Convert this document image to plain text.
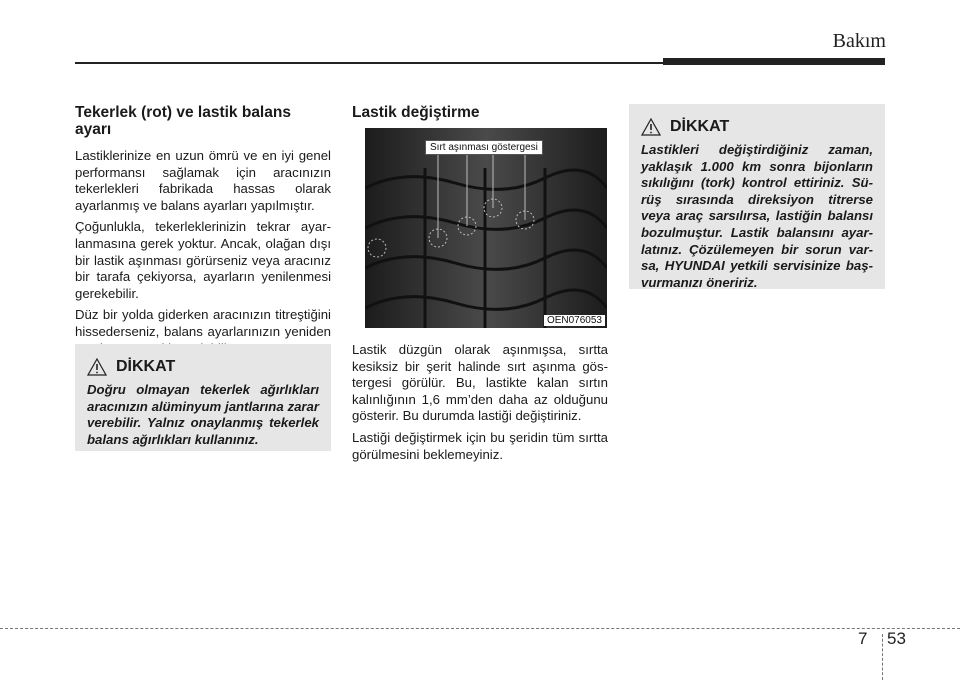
Bakım
Tekerlek (rot) ve lastik balans ayarı

Lastiklerinize en uzun ömrü ve en iyi genel performansı sağlamak için aracınızın tekerlekleri fabrikada hassas olarak ayarlanmış ve balans ayarları yapılmıştır.

Çoğunlukla, tekerleklerinizin tekrar ayarlanmasına gerek yoktur. Ancak, olağan dışı bir lastik aşınması görürseniz veya aracınız bir tarafa çekiyorsa, ayarların yenilenmesi gerekebilir.

Düz bir yolda giderken aracınızın titreştiğini hissederseniz, balans ayarlarınızın yeniden

DİKKAT

Doğru olmayan tekerlek ağırlıkları aracınızın alüminyum jantlarına zarar verebilir. Yalnız onaylanmış tekerlek balans ağırlıkları kullanınız.

Lastik değiştirme
Sırt aşınması göstergesi
OEN076053

Lastik düzgün olarak aşınmışsa, sırtta kesiksiz bir şerit halinde sırt aşınma göstergesi görülür. Bu, lastikte kalan sırtın kalınlığının 1,6 mm’den daha az olduğunu gösterir. Bu durumda lastiği değiştiriniz.

Lastiği değiştirmek için bu şeridin tüm sırtta görülmesini beklemeyiniz.

DİKKAT

Lastikleri değiştirdiğiniz zaman, yaklaşık 1.000 km sonra bijonların sıkılığını (tork) kontrol ettiriniz. Sürüş sırasında direksiyon titrerse veya araç sarsılırsa, lastiğin balansı bozulmuştur. Lastik balansını ayarlatınız. Çözülemeyen bir sorun varsa, HYUNDAI yetkili servisinize başvurmanızı öneririz.

7 53
